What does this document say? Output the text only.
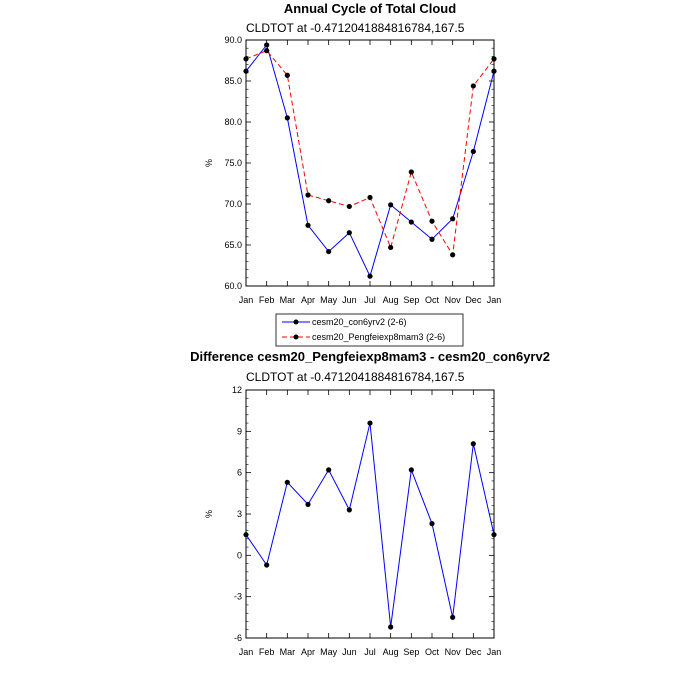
Annual Cycle of Total Cloud
CLDTOT at -0.4712041884816784,167.5
60.0
65.0
70.0
75.0
80.0
85.0
90.0
Jan Feb Mar Apr May Jun Jul Aug Sep Oct Nov Dec Jan
%
cesm20_con6yrv2 (2-6)
cesm20_Pengfeiexp8mam3 (2-6)
Difference cesm20_Pengfeiexp8mam3 - cesm20_con6yrv2
CLDTOT at -0.4712041884816784,167.5
-6
-3
0
3
6
9
12
Jan Feb Mar Apr May Jun Jul Aug Sep Oct Nov Dec Jan
%
